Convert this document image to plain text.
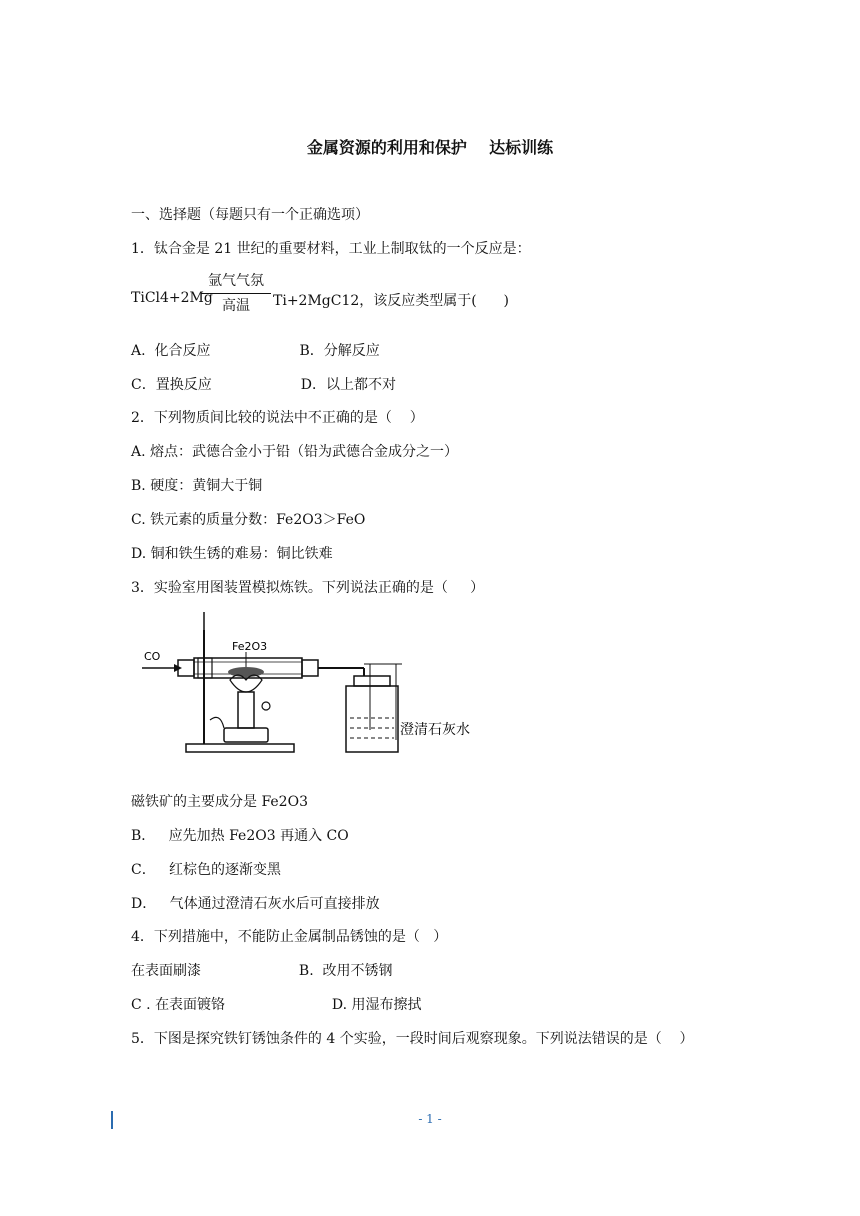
金属资源的利用和保护    达标训练
一、选择题（每题只有一个正确选项）
1．钛合金是 21 世纪的重要材料，工业上制取钛的一个反应是：
TiCl4+2Mg
氩气气氛
高温	Ti+2MgC12，该反应类型属于(      )
A.  化合反应                    B．分解反应
C．置换反应                    D．以上都不对
2．下列物质间比较的说法中不正确的是（    ）
A. 熔点：武德合金小于铅（铅为武德合金成分之一）
B. 硬度：黄铜大于铜
C. 铁元素的质量分数：Fe2O3＞FeO
D. 铜和铁生锈的难易：铜比铁难
3．实验室用图装置模拟炼铁。下列说法正确的是（     ）
CO
Fe2O3
澄清石灰水
磁铁矿的主要成分是 Fe2O3
B．   应先加热 Fe2O3 再通入 CO
C．   红棕色的逐渐变黑
D．   气体通过澄清石灰水后可直接排放
4．下列措施中，不能防止金属制品锈蚀的是（   ）
在表面刷漆                      B.  改用不锈钢
C . 在表面镀铬                        D. 用湿布擦拭
5．下图是探究铁钉锈蚀条件的 4 个实验，一段时间后观察现象。下列说法错误的是（    ）
- 1 -
